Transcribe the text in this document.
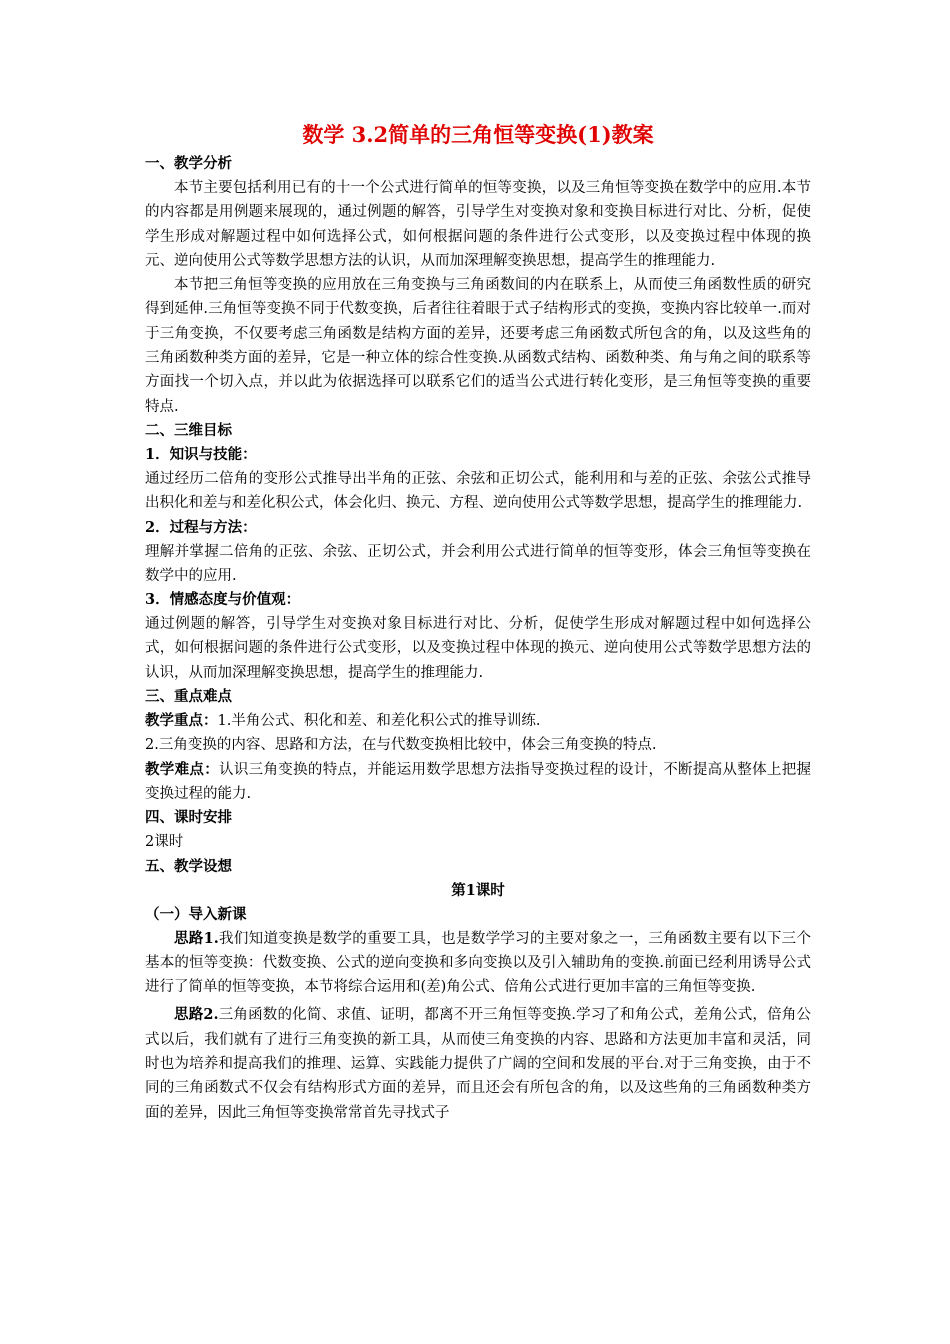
数学 3.2简单的三角恒等变换(1)教案

一、教学分析

本节主要包括利用已有的十一个公式进行简单的恒等变换，以及三角恒等变换在数学中的应用.本节的内容都是用例题来展现的，通过例题的解答，引导学生对变换对象和变换目标进行对比、分析，促使学生形成对解题过程中如何选择公式，如何根据问题的条件进行公式变形，以及变换过程中体现的换元、逆向使用公式等数学思想方法的认识，从而加深理解变换思想，提高学生的推理能力.

本节把三角恒等变换的应用放在三角变换与三角函数间的内在联系上，从而使三角函数性质的研究得到延伸.三角恒等变换不同于代数变换，后者往往着眼于式子结构形式的变换，变换内容比较单一.而对于三角变换，不仅要考虑三角函数是结构方面的差异，还要考虑三角函数式所包含的角，以及这些角的三角函数种类方面的差异，它是一种立体的综合性变换.从函数式结构、函数种类、角与角之间的联系等方面找一个切入点，并以此为依据选择可以联系它们的适当公式进行转化变形，是三角恒等变换的重要特点.

二、三维目标

1．知识与技能：

通过经历二倍角的变形公式推导出半角的正弦、余弦和正切公式，能利用和与差的正弦、余弦公式推导出积化和差与和差化积公式，体会化归、换元、方程、逆向使用公式等数学思想，提高学生的推理能力.

2．过程与方法：

理解并掌握二倍角的正弦、余弦、正切公式，并会利用公式进行简单的恒等变形，体会三角恒等变换在数学中的应用.

3．情感态度与价值观：

通过例题的解答，引导学生对变换对象目标进行对比、分析，促使学生形成对解题过程中如何选择公式，如何根据问题的条件进行公式变形，以及变换过程中体现的换元、逆向使用公式等数学思想方法的认识，从而加深理解变换思想，提高学生的推理能力.

三、重点难点

教学重点：1.半角公式、积化和差、和差化积公式的推导训练.

2.三角变换的内容、思路和方法，在与代数变换相比较中，体会三角变换的特点.

教学难点：认识三角变换的特点，并能运用数学思想方法指导变换过程的设计，不断提高从整体上把握变换过程的能力.

四、课时安排

2课时

五、教学设想

第1课时

（一）导入新课

思路1.我们知道变换是数学的重要工具，也是数学学习的主要对象之一，三角函数主要有以下三个基本的恒等变换：代数变换、公式的逆向变换和多向变换以及引入辅助角的变换.前面已经利用诱导公式进行了简单的恒等变换，本节将综合运用和(差)角公式、倍角公式进行更加丰富的三角恒等变换.

思路2.三角函数的化简、求值、证明，都离不开三角恒等变换.学习了和角公式，差角公式，倍角公式以后，我们就有了进行三角变换的新工具，从而使三角变换的内容、思路和方法更加丰富和灵活，同时也为培养和提高我们的推理、运算、实践能力提供了广阔的空间和发展的平台.对于三角变换，由于不同的三角函数式不仅会有结构形式方面的差异，而且还会有所包含的角，以及这些角的三角函数种类方面的差异，因此三角恒等变换常常首先寻找式子
